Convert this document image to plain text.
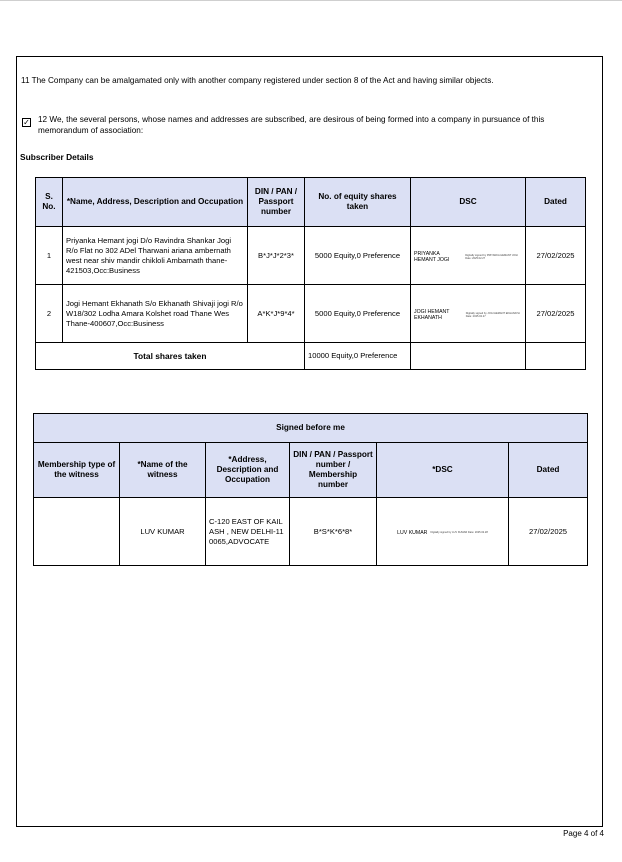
11 The Company can be amalgamated only with another company registered under section 8 of the Act and having similar objects.
✓ 12 We, the several persons, whose names and addresses are subscribed, are desirous of being formed into a company in pursuance of this memorandum of association:
Subscriber Details
S. No.	*Name, Address, Description and Occupation	DIN / PAN / Passport number	No. of equity shares taken	DSC	Dated
1	Priyanka Hemant jogi D/o Ravindra Shankar Jogi R/o Flat no 302 ADel Tharwani ariana ambernath west near shiv mandir chikloli Ambarnath thane-421503,Occ:Business	B*J*J*2*3*	5000 Equity,0 Preference	PRIYANKA HEMANT JOGI
Digitally signed by PRIYANKA HEMANT JOGI Date: 2025.02.27	27/02/2025
2	Jogi Hemant Ekhanath S/o Ekhanath Shivaji jogi R/o W18/302 Lodha Amara Kolshet road Thane Wes Thane-400607,Occ:Business	A*K*J*9*4*	5000 Equity,0 Preference	JOGI HEMANT EKHANATH
Digitally signed by JOGI HEMANT EKHANATH Date: 2025.02.27	27/02/2025
Total shares taken			10000 Equity,0 Preference		
Signed before me					
Membership type of the witness	*Name of the witness	*Address, Description and Occupation	DIN / PAN / Passport number / Membership number	*DSC	Dated
	LUV KUMAR	C-120 EAST OF KAILASH , NEW DELHI-110065,ADVOCATE	B*S*K*6*8*	LUV KUMAR Digitally signed by LUV KUMAR Date: 2025.02.28	27/02/2025
Page 4 of 4
